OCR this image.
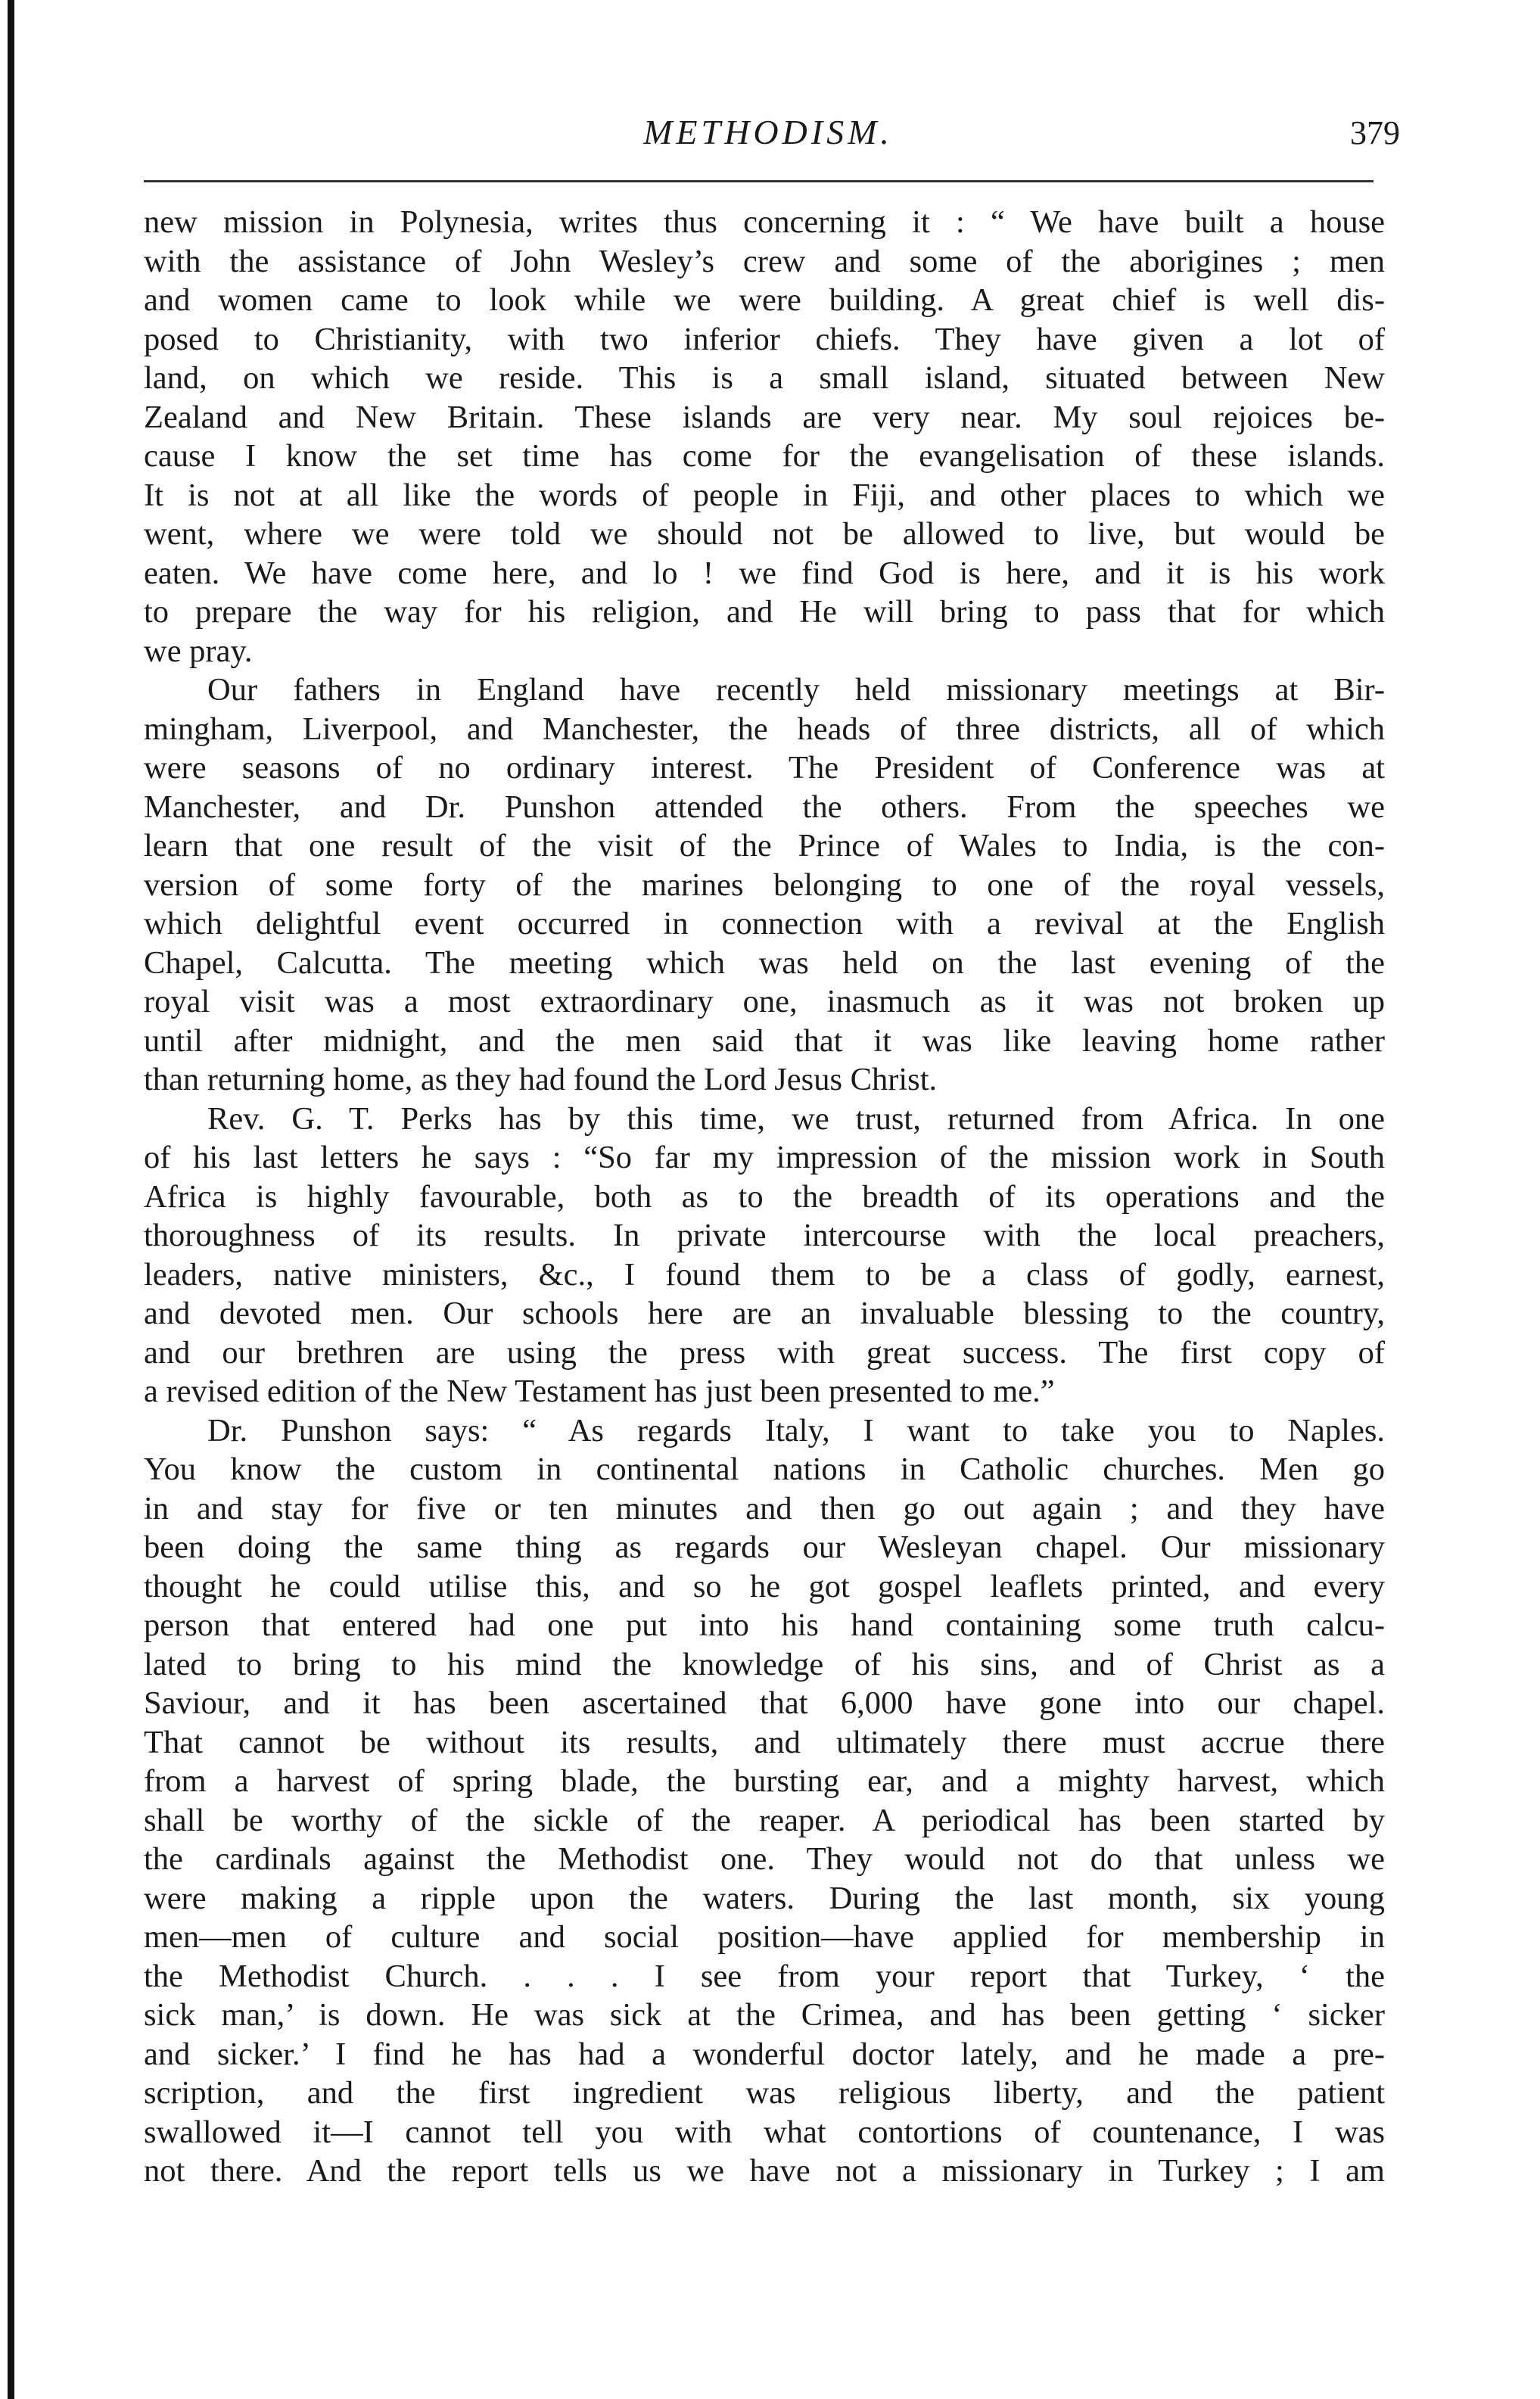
METHODISM.	379
new mission in Polynesia, writes thus concerning it : “ We have built a house
with the assistance of John Wesley’s crew and some of the aborigines ; men
and women came to look while we were building. A great chief is well dis-
posed to Christianity, with two inferior chiefs. They have given a lot of
land, on which we reside. This is a small island, situated between New
Zealand and New Britain. These islands are very near. My soul rejoices be-
cause I know the set time has come for the evangelisation of these islands.
It is not at all like the words of people in Fiji, and other places to which we
went, where we were told we should not be allowed to live, but would be
eaten. We have come here, and lo ! we find God is here, and it is his work
to prepare the way for his religion, and He will bring to pass that for which
we pray.
Our fathers in England have recently held missionary meetings at Bir-
mingham, Liverpool, and Manchester, the heads of three districts, all of which
were seasons of no ordinary interest. The President of Conference was at
Manchester, and Dr. Punshon attended the others. From the speeches we
learn that one result of the visit of the Prince of Wales to India, is the con-
version of some forty of the marines belonging to one of the royal vessels,
which delightful event occurred in connection with a revival at the English
Chapel, Calcutta. The meeting which was held on the last evening of the
royal visit was a most extraordinary one, inasmuch as it was not broken up
until after midnight, and the men said that it was like leaving home rather
than returning home, as they had found the Lord Jesus Christ.
Rev. G. T. Perks has by this time, we trust, returned from Africa. In one
of his last letters he says : “So far my impression of the mission work in South
Africa is highly favourable, both as to the breadth of its operations and the
thoroughness of its results. In private intercourse with the local preachers,
leaders, native ministers, &c., I found them to be a class of godly, earnest,
and devoted men. Our schools here are an invaluable blessing to the country,
and our brethren are using the press with great success. The first copy of
a revised edition of the New Testament has just been presented to me.”
Dr. Punshon says: “ As regards Italy, I want to take you to Naples.
You know the custom in continental nations in Catholic churches. Men go
in and stay for five or ten minutes and then go out again ; and they have
been doing the same thing as regards our Wesleyan chapel. Our missionary
thought he could utilise this, and so he got gospel leaflets printed, and every
person that entered had one put into his hand containing some truth calcu-
lated to bring to his mind the knowledge of his sins, and of Christ as a
Saviour, and it has been ascertained that 6,000 have gone into our chapel.
That cannot be without its results, and ultimately there must accrue there
from a harvest of spring blade, the bursting ear, and a mighty harvest, which
shall be worthy of the sickle of the reaper. A periodical has been started by
the cardinals against the Methodist one. They would not do that unless we
were making a ripple upon the waters. During the last month, six young
men—men of culture and social position—have applied for membership in
the Methodist Church. . . . I see from your report that Turkey, ‘ the
sick man,’ is down. He was sick at the Crimea, and has been getting ‘ sicker
and sicker.’ I find he has had a wonderful doctor lately, and he made a pre-
scription, and the first ingredient was religious liberty, and the patient
swallowed it—I cannot tell you with what contortions of countenance, I was
not there. And the report tells us we have not a missionary in Turkey ; I am
